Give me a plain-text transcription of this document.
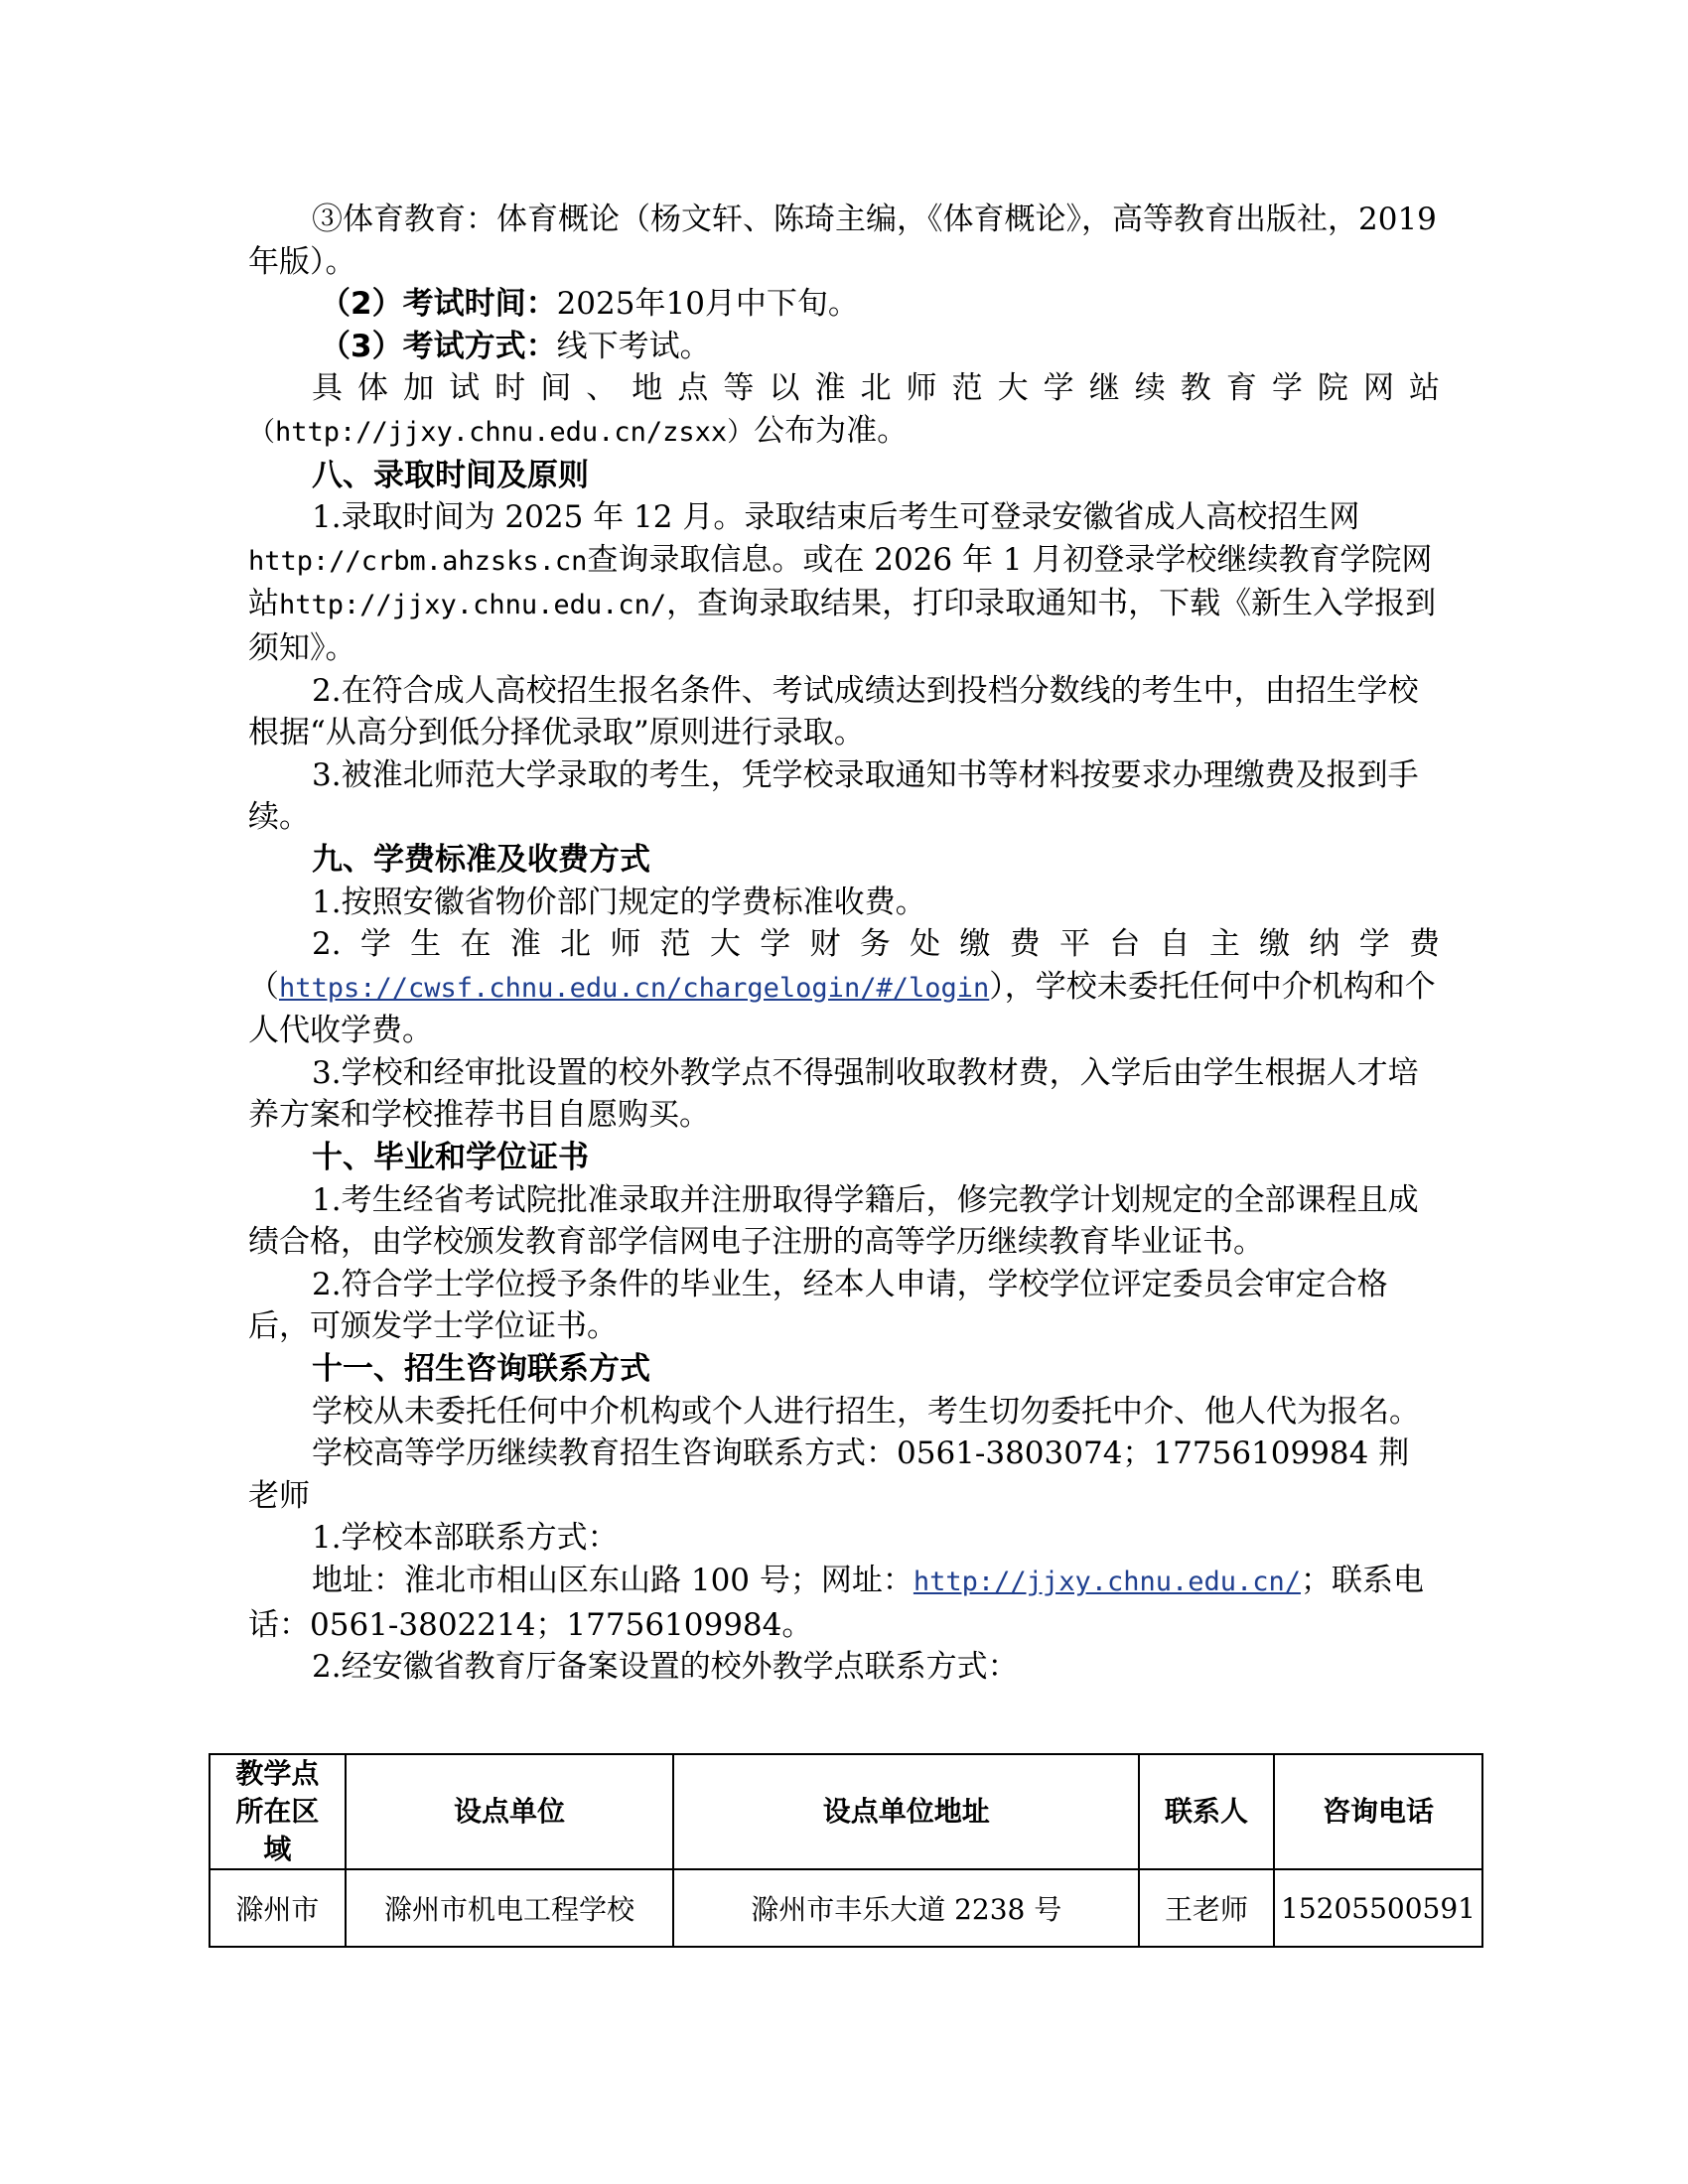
③体育教育：体育概论（杨文轩、陈琦主编，《体育概论》，高等教育出版社，2019年版）。

（2）考试时间：2025年10月中下旬。

（3）考试方式：线下考试。

具体加试时间、地点等以淮北师范大学继续教育学院网站

（http://jjxy.chnu.edu.cn/zsxx）公布为准。

八、录取时间及原则

1.录取时间为 2025 年 12 月。录取结束后考生可登录安徽省成人高校招生网http://crbm.ahzsks.cn查询录取信息。或在 2026 年 1 月初登录学校继续教育学院网站http://jjxy.chnu.edu.cn/，查询录取结果，打印录取通知书，下载《新生入学报到须知》。

2.在符合成人高校招生报名条件、考试成绩达到投档分数线的考生中，由招生学校根据“从高分到低分择优录取”原则进行录取。

3.被淮北师范大学录取的考生，凭学校录取通知书等材料按要求办理缴费及报到手续。

九、学费标准及收费方式

1.按照安徽省物价部门规定的学费标准收费。

2.学生在淮北师范大学财务处缴费平台自主缴纳学费

（https://cwsf.chnu.edu.cn/chargelogin/#/login），学校未委托任何中介机构和个人代收学费。

3.学校和经审批设置的校外教学点不得强制收取教材费，入学后由学生根据人才培养方案和学校推荐书目自愿购买。

十、毕业和学位证书

1.考生经省考试院批准录取并注册取得学籍后，修完教学计划规定的全部课程且成绩合格，由学校颁发教育部学信网电子注册的高等学历继续教育毕业证书。

2.符合学士学位授予条件的毕业生，经本人申请，学校学位评定委员会审定合格后，可颁发学士学位证书。

十一、招生咨询联系方式

学校从未委托任何中介机构或个人进行招生，考生切勿委托中介、他人代为报名。

学校高等学历继续教育招生咨询联系方式：0561-3803074；17756109984 荆老师

1.学校本部联系方式：

地址：淮北市相山区东山路 100 号；网址：http://jjxy.chnu.edu.cn/；联系电话：0561-3802214；17756109984。

2.经安徽省教育厅备案设置的校外教学点联系方式：

教学点所在区域	设点单位	设点单位地址	联系人	咨询电话
滁州市	滁州市机电工程学校	滁州市丰乐大道 2238 号	王老师	15205500591
